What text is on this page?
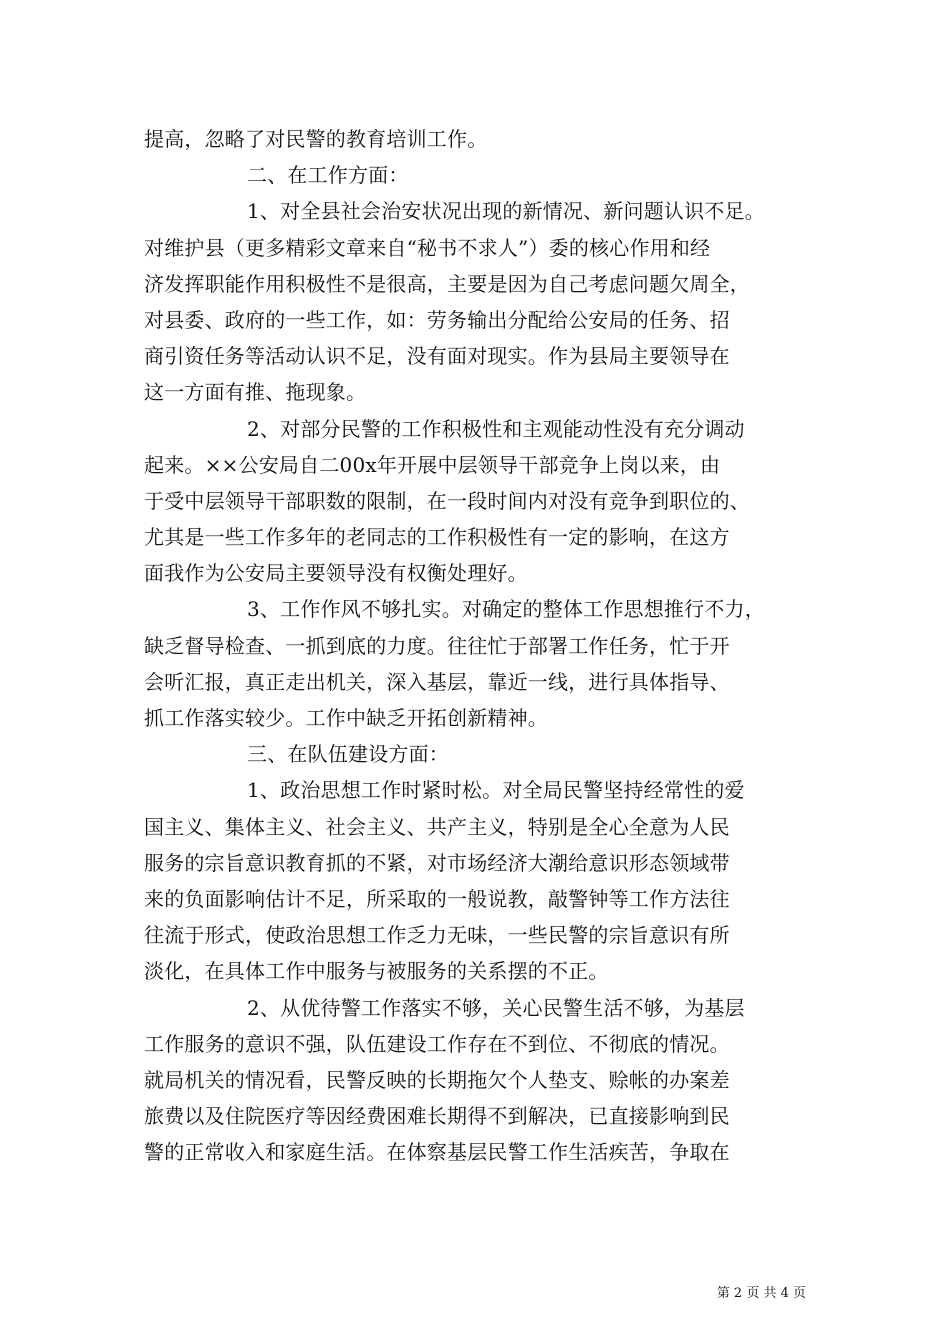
提高，忽略了对民警的教育培训工作。
二、在工作方面：
1、对全县社会治安状况出现的新情况、新问题认识不足。
对维护县（更多精彩文章来自“秘书不求人”）委的核心作用和经
济发挥职能作用积极性不是很高，主要是因为自己考虑问题欠周全，
对县委、政府的一些工作，如：劳务输出分配给公安局的任务、招
商引资任务等活动认识不足，没有面对现实。作为县局主要领导在
这一方面有推、拖现象。
2、对部分民警的工作积极性和主观能动性没有充分调动
起来。××公安局自二00x年开展中层领导干部竞争上岗以来，由
于受中层领导干部职数的限制，在一段时间内对没有竞争到职位的、
尤其是一些工作多年的老同志的工作积极性有一定的影响，在这方
面我作为公安局主要领导没有权衡处理好。
3、工作作风不够扎实。对确定的整体工作思想推行不力，
缺乏督导检查、一抓到底的力度。往往忙于部署工作任务，忙于开
会听汇报，真正走出机关，深入基层，靠近一线，进行具体指导、
抓工作落实较少。工作中缺乏开拓创新精神。
三、在队伍建设方面：
1、政治思想工作时紧时松。对全局民警坚持经常性的爱
国主义、集体主义、社会主义、共产主义，特别是全心全意为人民
服务的宗旨意识教育抓的不紧，对市场经济大潮给意识形态领域带
来的负面影响估计不足，所采取的一般说教，敲警钟等工作方法往
往流于形式，使政治思想工作乏力无味，一些民警的宗旨意识有所
淡化，在具体工作中服务与被服务的关系摆的不正。
2、从优待警工作落实不够，关心民警生活不够，为基层
工作服务的意识不强，队伍建设工作存在不到位、不彻底的情况。
就局机关的情况看，民警反映的长期拖欠个人垫支、赊帐的办案差
旅费以及住院医疗等因经费困难长期得不到解决，已直接影响到民
警的正常收入和家庭生活。在体察基层民警工作生活疾苦，争取在
第 2 页 共 4 页
